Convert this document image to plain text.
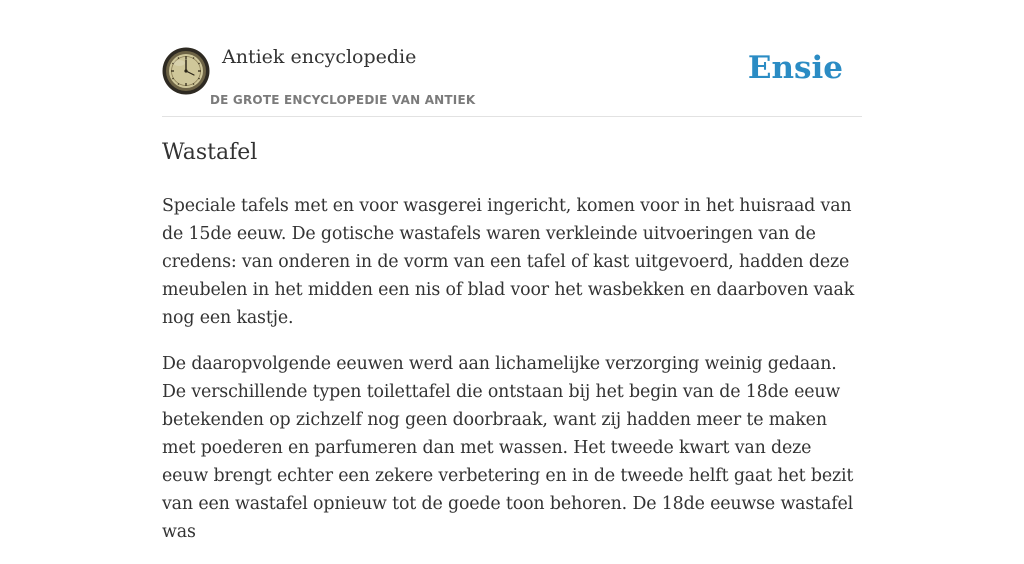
Antiek encyclopedie
DE GROTE ENCYCLOPEDIE VAN ANTIEK
Ensie
Wastafel

Speciale tafels met en voor wasgerei ingericht, komen voor in het huisraad van de 15de eeuw. De gotische wastafels waren verkleinde uitvoeringen van de credens: van onderen in de vorm van een tafel of kast uitgevoerd, hadden deze meubelen in het midden een nis of blad voor het wasbekken en daarboven vaak nog een kastje.

De daaropvolgende eeuwen werd aan lichamelijke verzorging weinig gedaan. De verschillende typen toilettafel die ontstaan bij het begin van de 18de eeuw betekenden op zichzelf nog geen doorbraak, want zij hadden meer te maken met poederen en parfumeren dan met wassen. Het tweede kwart van deze eeuw brengt echter een zekere verbetering en in de tweede helft gaat het bezit van een wastafel opnieuw tot de goede toon behoren. De 18de eeuwse wastafel was
